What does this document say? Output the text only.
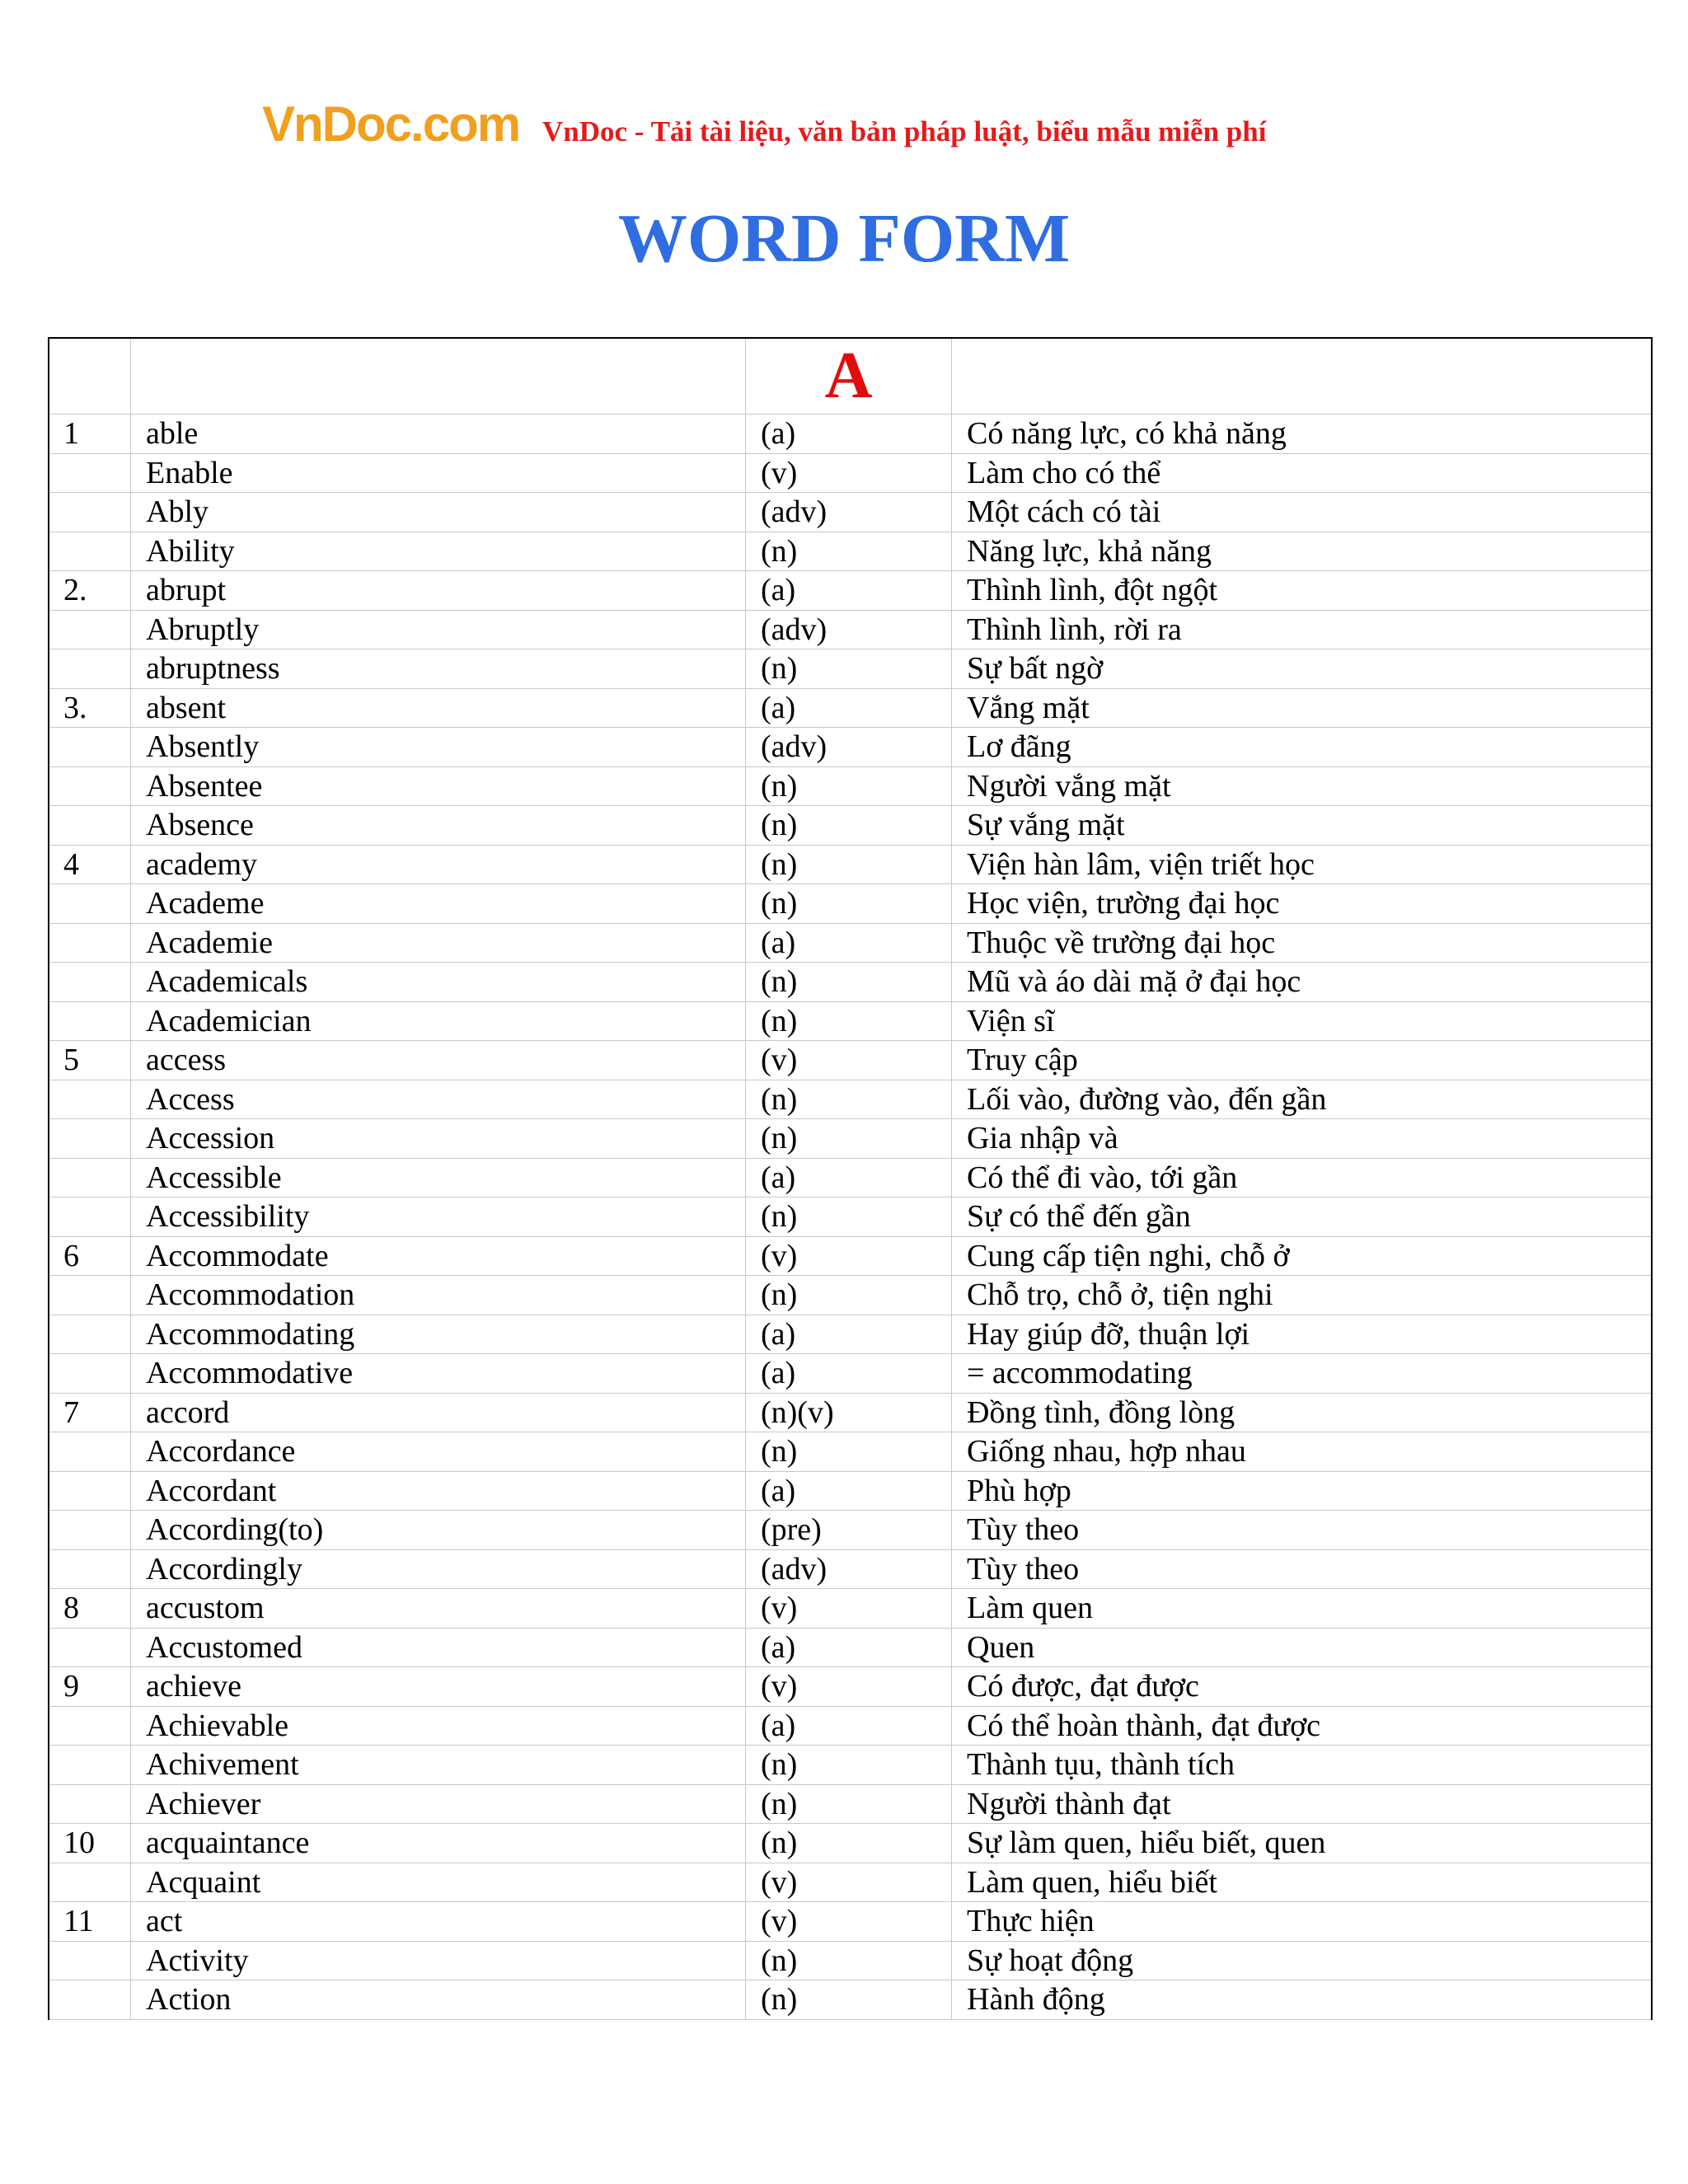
VnDoc.com VnDoc - Tải tài liệu, văn bản pháp luật, biểu mẫu miễn phí
WORD FORM
		A	
1	able	(a)	Có năng lực, có khả năng
	Enable	(v)	Làm cho có thể
	Ably	(adv)	Một cách có tài
	Ability	(n)	Năng lực, khả năng
2.	abrupt	(a)	Thình lình, đột ngột
	Abruptly	(adv)	Thình lình, rời ra
	abruptness	(n)	Sự bất ngờ
3.	absent	(a)	Vắng mặt
	Absently	(adv)	Lơ đãng
	Absentee	(n)	Người vắng mặt
	Absence	(n)	Sự vắng mặt
4	academy	(n)	Viện hàn lâm, viện triết học
	Academe	(n)	Học viện, trường đại học
	Academie	(a)	Thuộc về trường đại học
	Academicals	(n)	Mũ và áo dài mặ ở đại học
	Academician	(n)	Viện sĩ
5	access	(v)	Truy cập
	Access	(n)	Lối vào, đường vào, đến gần
	Accession	(n)	Gia nhập và
	Accessible	(a)	Có thể đi vào, tới gần
	Accessibility	(n)	Sự có thể đến gần
6	Accommodate	(v)	Cung cấp tiện nghi, chỗ ở
	Accommodation	(n)	Chỗ trọ, chỗ ở, tiện nghi
	Accommodating	(a)	Hay giúp đỡ, thuận lợi
	Accommodative	(a)	= accommodating
7	accord	(n)(v)	Đồng tình, đồng lòng
	Accordance	(n)	Giống nhau, hợp nhau
	Accordant	(a)	Phù hợp
	According(to)	(pre)	Tùy theo
	Accordingly	(adv)	Tùy theo
8	accustom	(v)	Làm quen
	Accustomed	(a)	Quen
9	achieve	(v)	Có được, đạt được
	Achievable	(a)	Có thể hoàn thành, đạt được
	Achivement	(n)	Thành tụu, thành tích
	Achiever	(n)	Người thành đạt
10	acquaintance	(n)	Sự làm quen, hiểu biết, quen
	Acquaint	(v)	Làm quen, hiểu biết
11	act	(v)	Thực hiện
	Activity	(n)	Sự hoạt động
	Action	(n)	Hành động
